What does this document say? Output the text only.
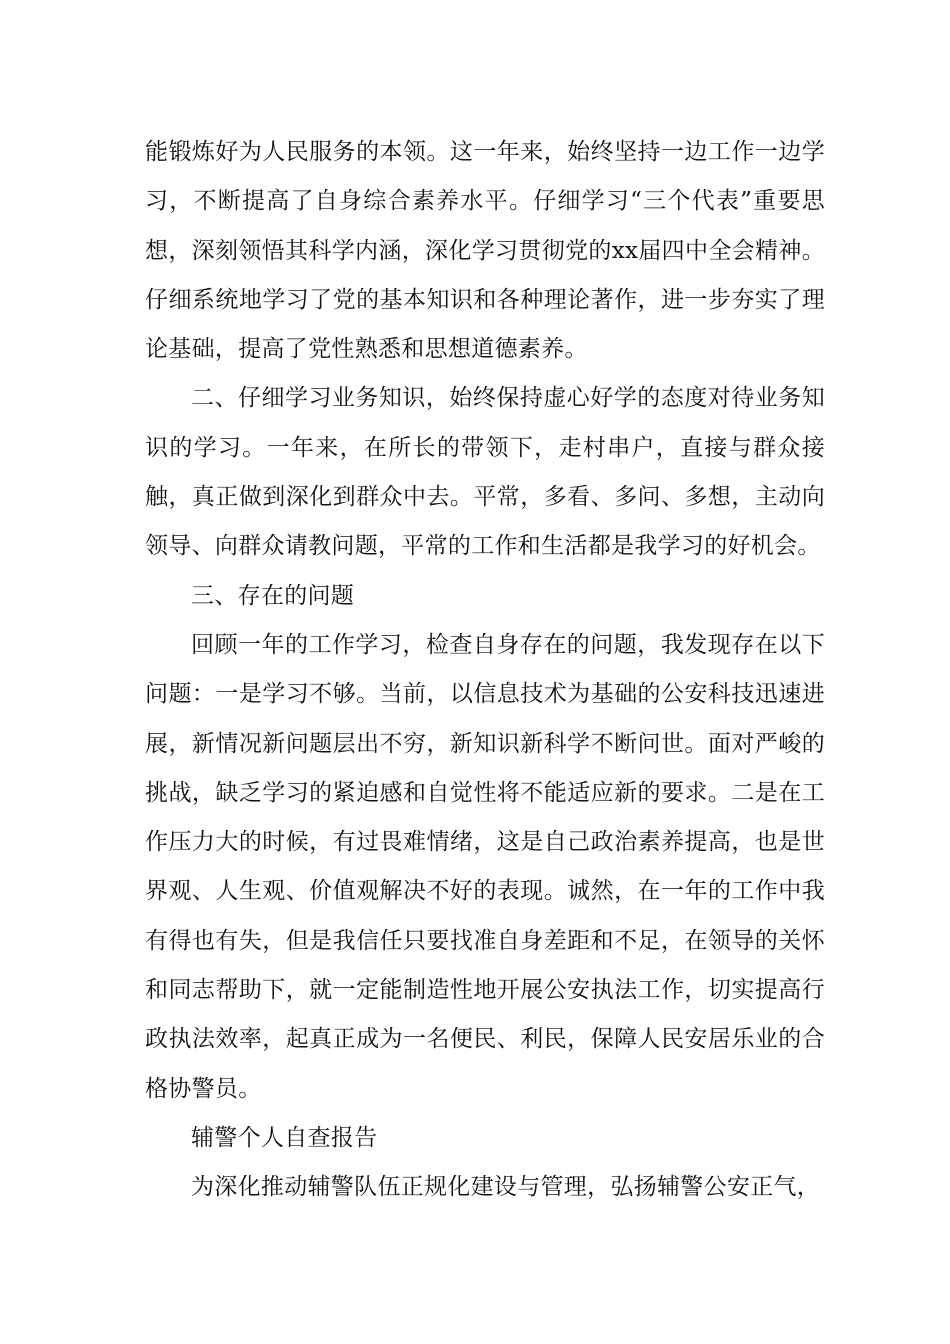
能锻炼好为人民服务的本领。这一年来，始终坚持一边工作一边学习，不断提高了自身综合素养水平。仔细学习“三个代表”重要思想，深刻领悟其科学内涵，深化学习贯彻党的xx届四中全会精神。仔细系统地学习了党的基本知识和各种理论著作，进一步夯实了理论基础，提高了党性熟悉和思想道德素养。

二、仔细学习业务知识，始终保持虚心好学的态度对待业务知识的学习。一年来，在所长的带领下，走村串户，直接与群众接触，真正做到深化到群众中去。平常，多看、多问、多想，主动向领导、向群众请教问题，平常的工作和生活都是我学习的好机会。

三、存在的问题

回顾一年的工作学习，检查自身存在的问题，我发现存在以下问题：一是学习不够。当前，以信息技术为基础的公安科技迅速进展，新情况新问题层出不穷，新知识新科学不断问世。面对严峻的挑战，缺乏学习的紧迫感和自觉性将不能适应新的要求。二是在工作压力大的时候，有过畏难情绪，这是自己政治素养提高，也是世界观、人生观、价值观解决不好的表现。诚然，在一年的工作中我有得也有失，但是我信任只要找准自身差距和不足，在领导的关怀和同志帮助下，就一定能制造性地开展公安执法工作，切实提高行政执法效率，起真正成为一名便民、利民，保障人民安居乐业的合格协警员。

辅警个人自查报告

为深化推动辅警队伍正规化建设与管理，弘扬辅警公安正气，
